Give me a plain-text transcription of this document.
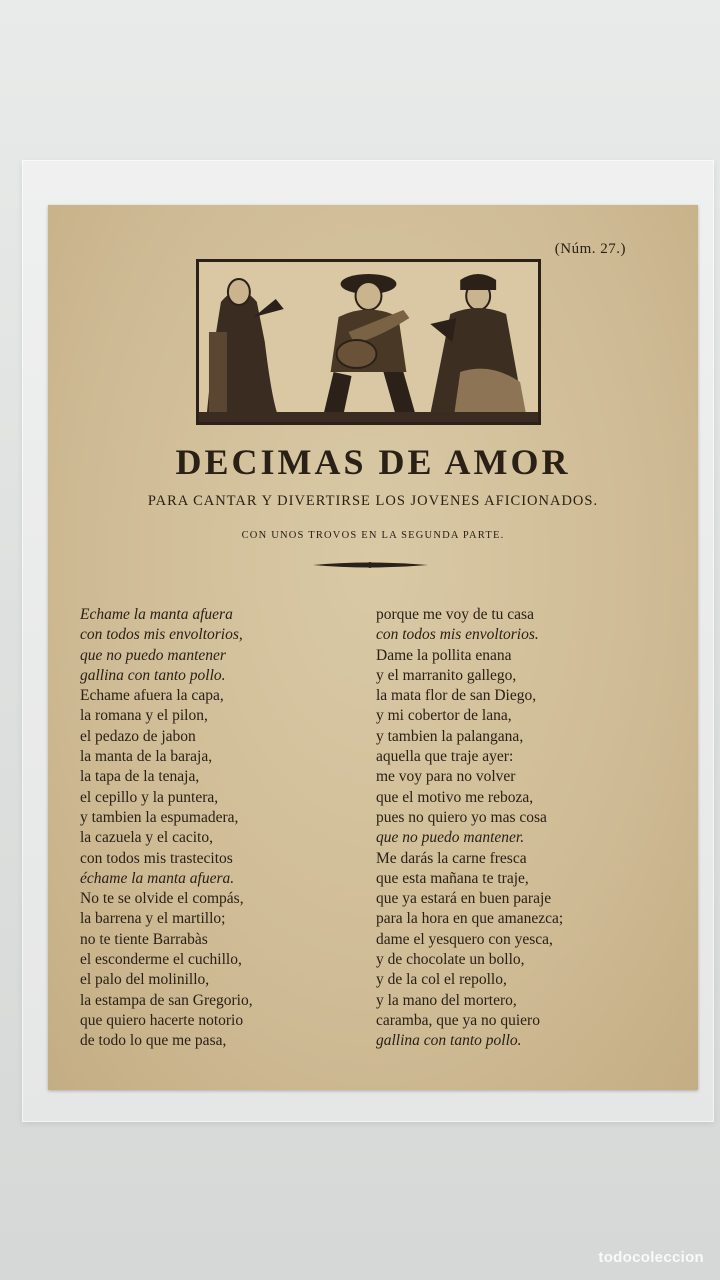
(Núm. 27.)
DECIMAS DE AMOR
PARA CANTAR Y DIVERTIRSE LOS JOVENES AFICIONADOS.
CON UNOS TROVOS EN LA SEGUNDA PARTE.
Echame la manta afuera
con todos mis envoltorios,
que no puedo mantener
gallina con tanto pollo.
Echame afuera la capa,
la romana y el pilon,
el pedazo de jabon
la manta de la baraja,
la tapa de la tenaja,
el cepillo y la puntera,
y tambien la espumadera,
la cazuela y el cacito,
con todos mis trastecitos
échame la manta afuera.
No te se olvide el compás,
la barrena y el martillo;
no te tiente Barrabàs
el esconderme el cuchillo,
el palo del molinillo,
la estampa de san Gregorio,
que quiero hacerte notorio
de todo lo que me pasa,
porque me voy de tu casa
con todos mis envoltorios.
Dame la pollita enana
y el marranito gallego,
la mata flor de san Diego,
y mi cobertor de lana,
y tambien la palangana,
aquella que traje ayer:
me voy para no volver
que el motivo me reboza,
pues no quiero yo mas cosa
que no puedo mantener.
Me darás la carne fresca
que esta mañana te traje,
que ya estará en buen paraje
para la hora en que amanezca;
dame el yesquero con yesca,
y de chocolate un bollo,
y de la col el repollo,
y la mano del mortero,
caramba, que ya no quiero
gallina con tanto pollo.
todocoleccion
